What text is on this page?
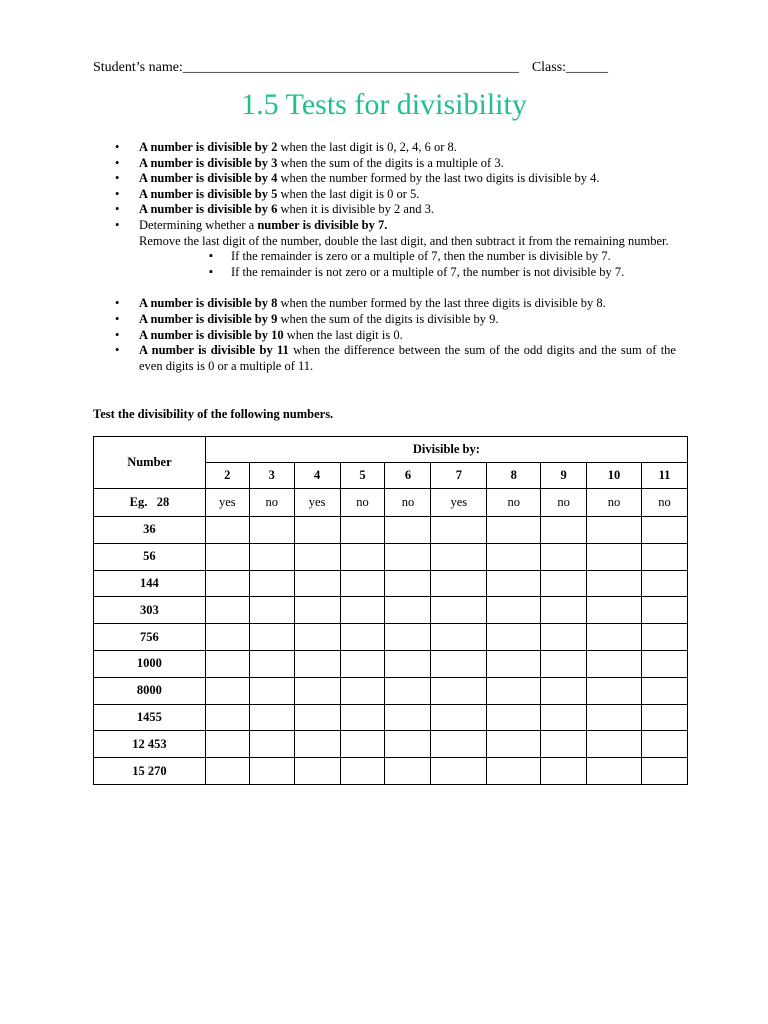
Student’s name:________________________________________________ Class:______
1.5 Tests for divisibility
• A number is divisible by 2 when the last digit is 0, 2, 4, 6 or 8.
• A number is divisible by 3 when the sum of the digits is a multiple of 3.
• A number is divisible by 4 when the number formed by the last two digits is divisible by 4.
• A number is divisible by 5 when the last digit is 0 or 5.
• A number is divisible by 6 when it is divisible by 2 and 3.
• Determining whether a number is divisible by 7.
Remove the last digit of the number, double the last digit, and then subtract it from the remaining number.
▪ If the remainder is zero or a multiple of 7, then the number is divisible by 7.
▪ If the remainder is not zero or a multiple of 7, the number is not divisible by 7.
• A number is divisible by 8 when the number formed by the last three digits is divisible by 8.
• A number is divisible by 9 when the sum of the digits is divisible by 9.
• A number is divisible by 10 when the last digit is 0.
• A number is divisible by 11 when the difference between the sum of the odd digits and the sum of the even digits is 0 or a multiple of 11.
Test the divisibility of the following numbers.
Number	Divisible by:									
	2	3	4	5	6	7	8	9	10	11
Eg.   28	yes	no	yes	no	no	yes	no	no	no	no
36										
56										
144										
303										
756										
1000										
8000										
1455										
12 453										
15 270										
